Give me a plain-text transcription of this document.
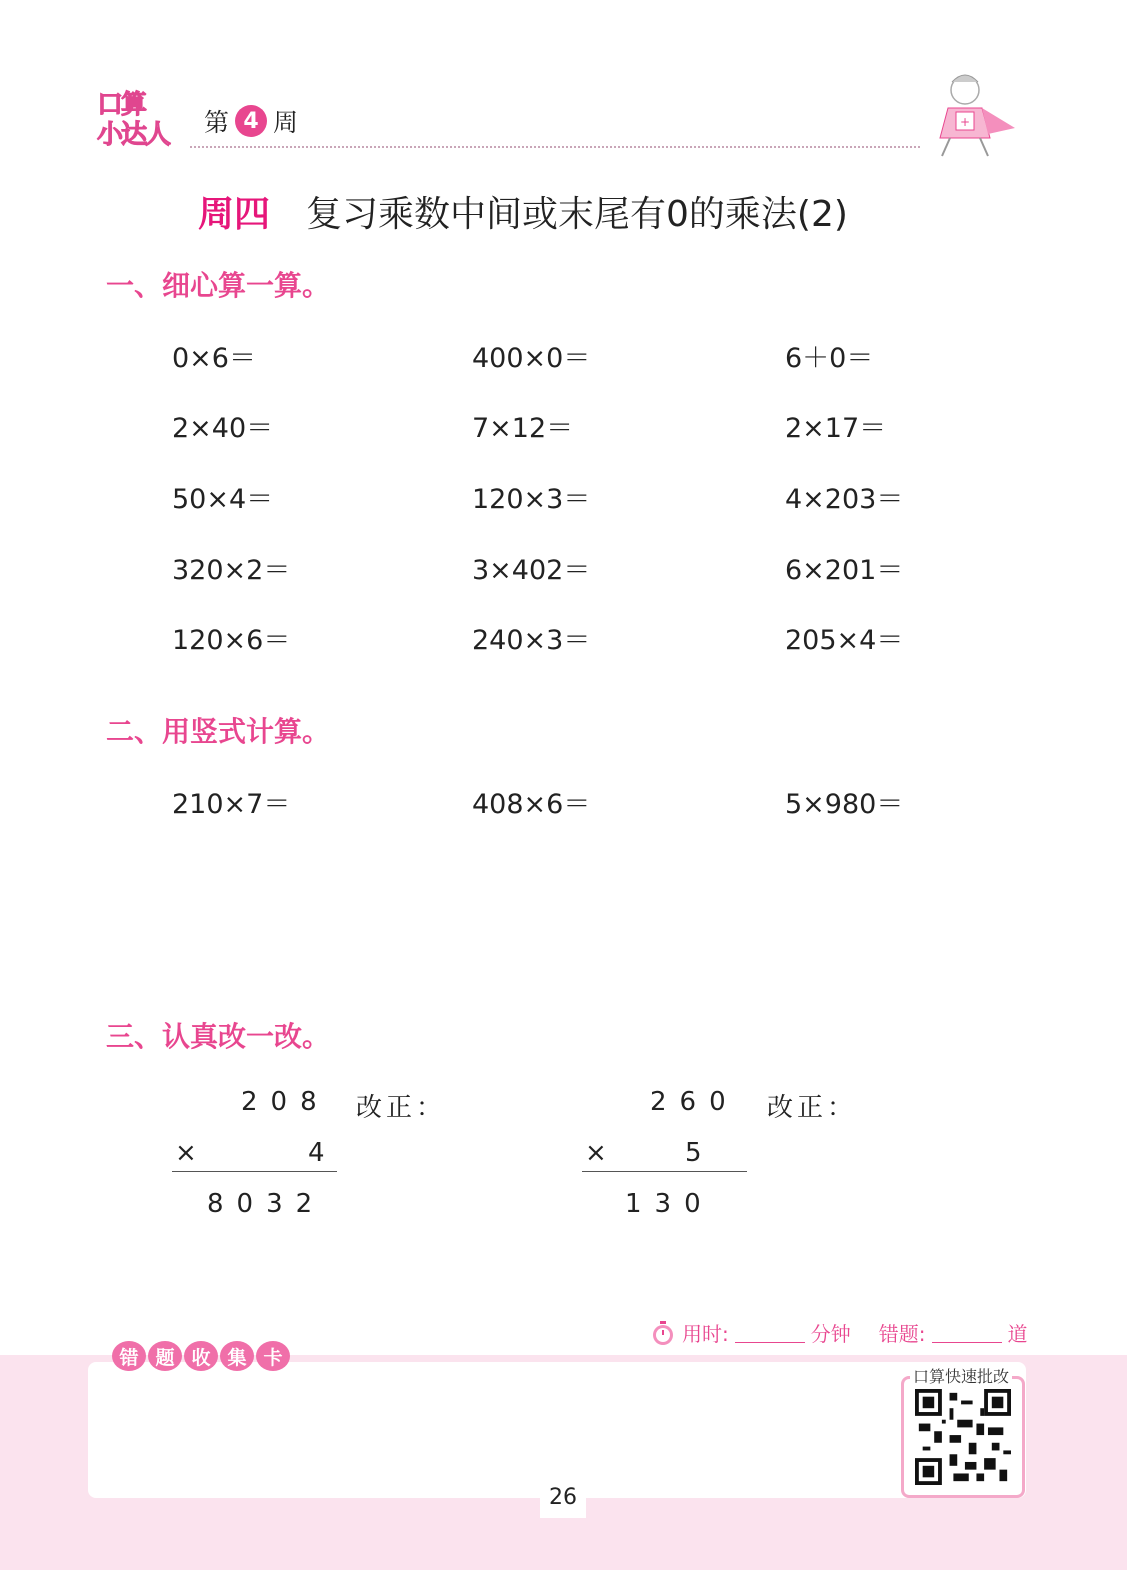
口算
小达人 第 4 周	+
周四 复习乘数中间或末尾有0的乘法(2)
一、细心算一算。
0×6＝	400×0＝	6＋0＝
2×40＝	7×12＝	2×17＝
50×4＝	120×3＝	4×203＝
320×2＝	3×402＝	6×201＝
120×6＝	240×3＝	205×4＝
二、用竖式计算。
210×7＝	408×6＝	5×980＝
三、认真改一改。
208 改正：
×	4
8032
260 改正：
×	5
130
用时:	分钟 错题:	道
错 题 收 集 卡
口算快速批改
26
